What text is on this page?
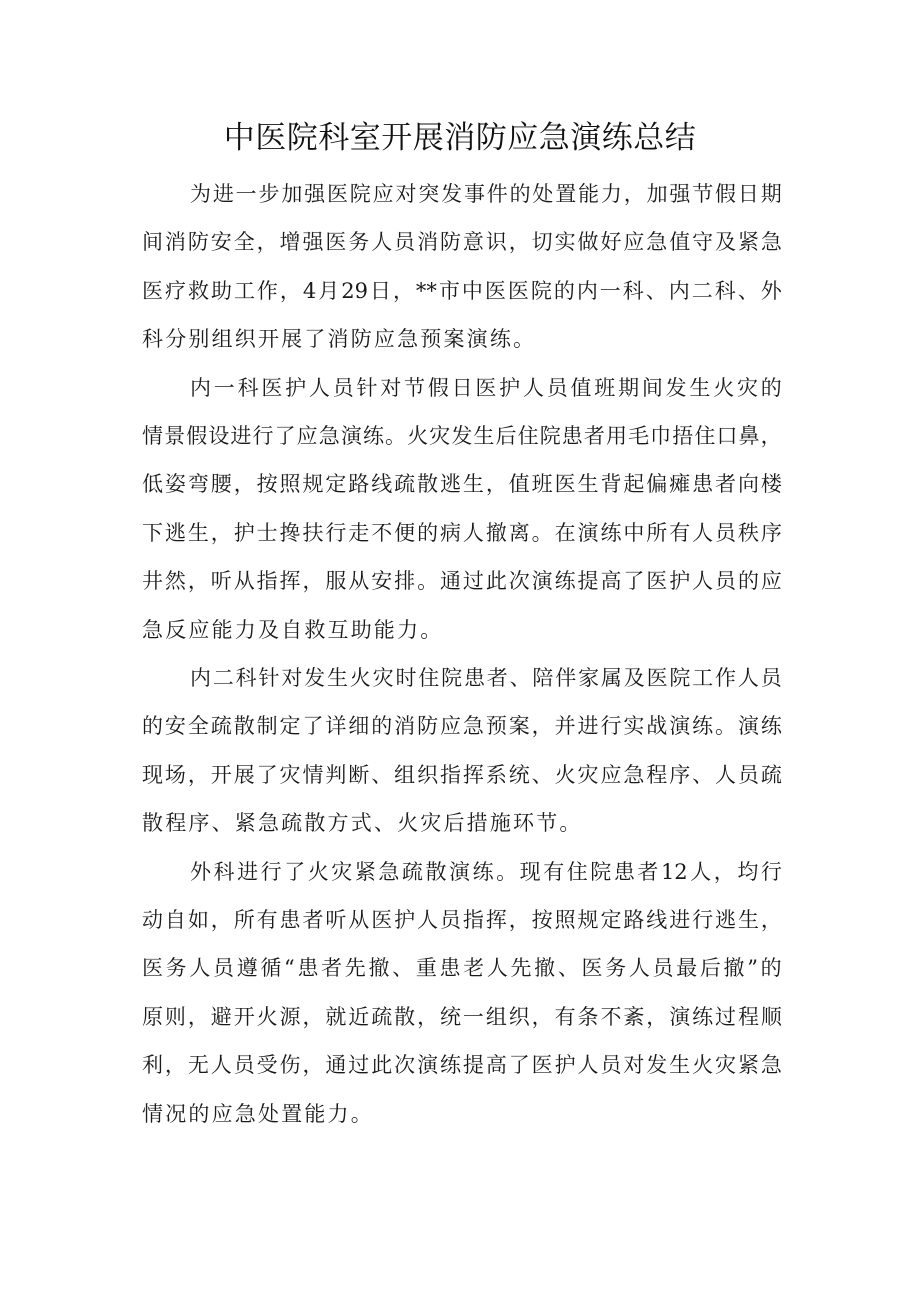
中医院科室开展消防应急演练总结
为 进 一 步 加 强 医 院 应 对 突 发 事 件 的 处 置 能 力 ， 加 强 节 假 日 期
间 消 防 安 全 ， 增 强 医 务 人 员 消 防 意 识 ， 切 实 做 好 应 急 值 守 及 紧 急
医 疗 救 助 工 作 ， 4 月 29 日 ， ** 市 中 医 医 院 的 内 一 科 、 内 二 科 、 外
科 分 别 组 织 开 展 了 消 防 应 急 预 案 演 练 。
内 一 科 医 护 人 员 针 对 节 假 日 医 护 人 员 值 班 期 间 发 生 火 灾 的
情 景 假 设 进 行 了 应 急 演 练 。 火 灾 发 生 后 住 院 患 者 用 毛 巾 捂 住 口 鼻 ，
低 姿 弯 腰 ， 按 照 规 定 路 线 疏 散 逃 生 ， 值 班 医 生 背 起 偏 瘫 患 者 向 楼
下 逃 生 ， 护 士 搀 扶 行 走 不 便 的 病 人 撤 离 。 在 演 练 中 所 有 人 员 秩 序
井 然 ， 听 从 指 挥 ， 服 从 安 排 。 通 过 此 次 演 练 提 高 了 医 护 人 员 的 应
急 反 应 能 力 及 自 救 互 助 能 力 。
内 二 科 针 对 发 生 火 灾 时 住 院 患 者 、 陪 伴 家 属 及 医 院 工 作 人 员
的 安 全 疏 散 制 定 了 详 细 的 消 防 应 急 预 案 ， 并 进 行 实 战 演 练 。 演 练
现 场 ， 开 展 了 灾 情 判 断 、 组 织 指 挥 系 统 、 火 灾 应 急 程 序 、 人 员 疏
散 程 序 、 紧 急 疏 散 方 式 、 火 灾 后 措 施 环 节 。
外 科 进 行 了 火 灾 紧 急 疏 散 演 练 。 现 有 住 院 患 者 12 人 ， 均 行
动 自 如 ， 所 有 患 者 听 从 医 护 人 员 指 挥 ， 按 照 规 定 路 线 进 行 逃 生 ，
医 务 人 员 遵 循 “ 患 者 先 撤 、 重 患 老 人 先 撤 、 医 务 人 员 最 后 撤 ” 的
原 则 ， 避 开 火 源 ， 就 近 疏 散 ， 统 一 组 织 ， 有 条 不 紊 ， 演 练 过 程 顺
利 ， 无 人 员 受 伤 ， 通 过 此 次 演 练 提 高 了 医 护 人 员 对 发 生 火 灾 紧 急
情 况 的 应 急 处 置 能 力 。
